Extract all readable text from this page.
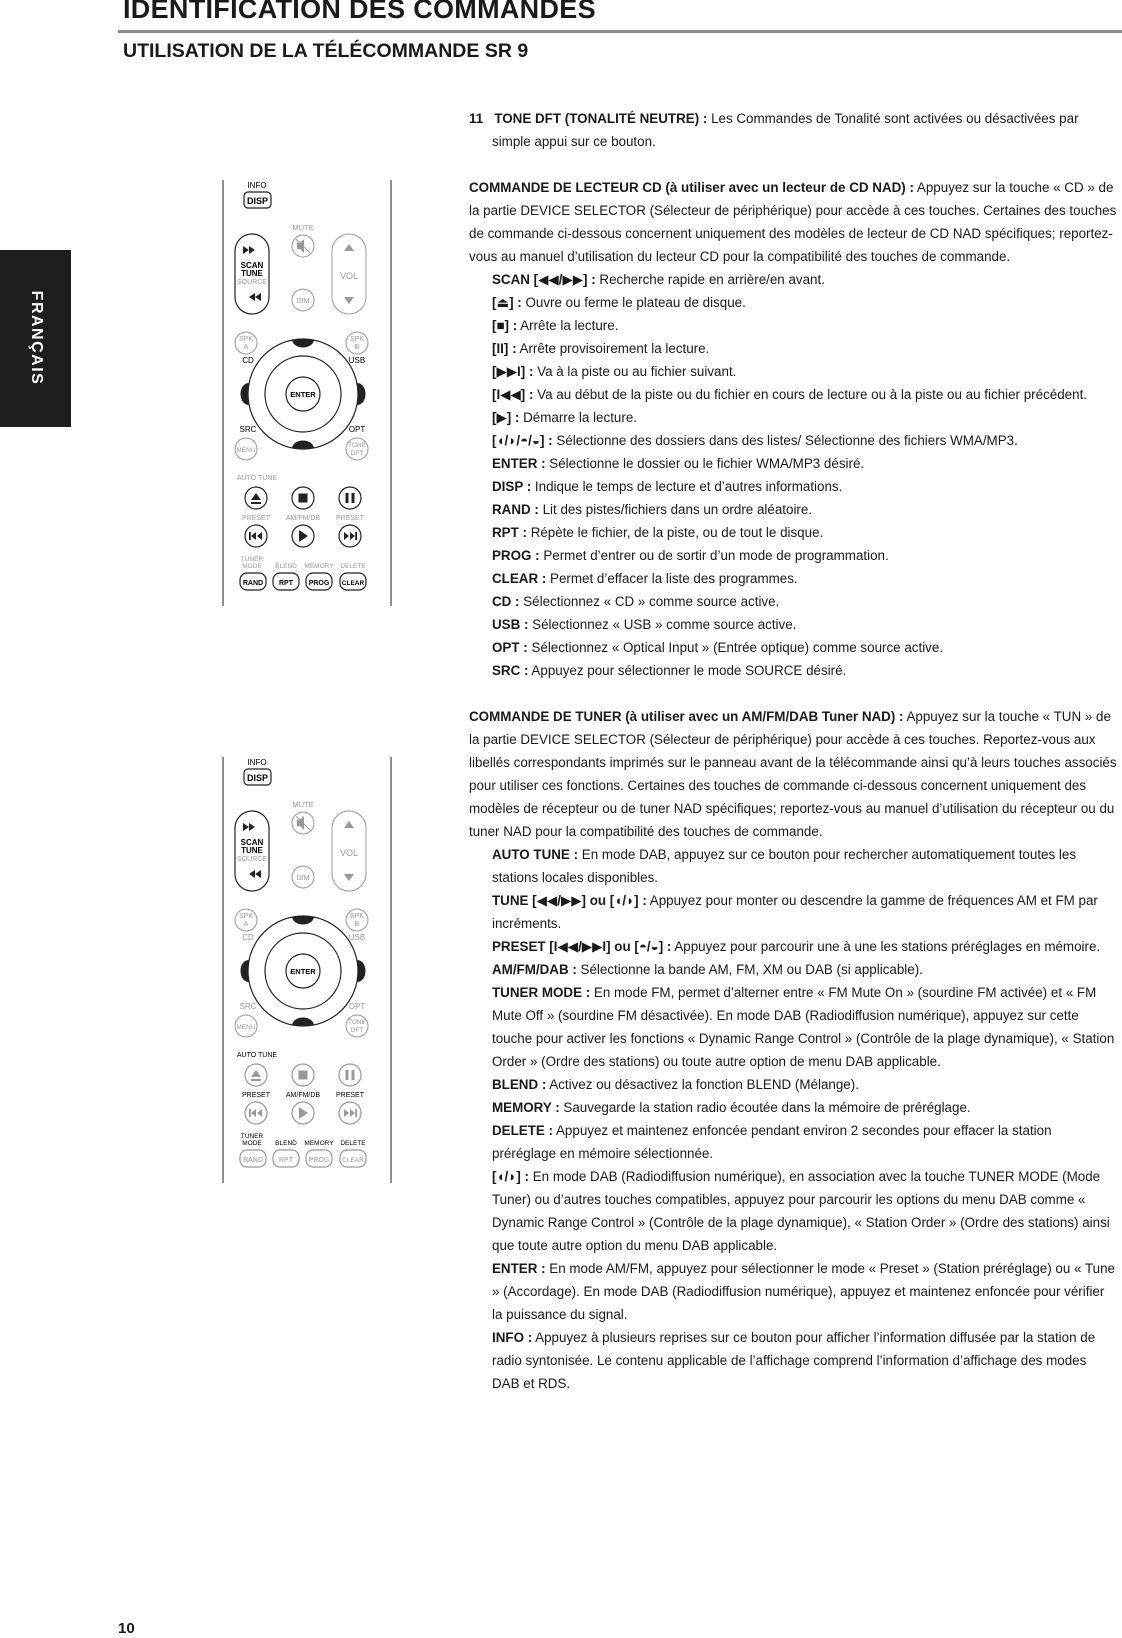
IDENTIFICATION DES COMMANDES
UTILISATION DE LA TÉLÉCOMMANDE SR 9
FRANÇAIS
INFO
DISP
MUTE
SCAN
TUNE
SOURCE
VOL
DIM
SPK
A
SPK
B
CD	USB
ENTER
SRC	OPT
MENU
TONE
DFT
AUTO TUNE
PRESET AM/FM/DB PRESET
TUNER
MODE BLEND MEMORY DELETE
RAND RPT PROG CLEAR
INFO
DISP
MUTE
SCAN
TUNE
SOURCE
VOL
DIM
SPK
A
SPK
B
CD	USB
ENTER
SRC	OPT
MENU
TONE
DFT
AUTO TUNE
PRESET AM/FM/DB PRESET
TUNER
MODE BLEND MEMORY DELETE
RAND RPT PROG CLEAR

11 TONE DFT (TONALITÉ NEUTRE) : Les Commandes de Tonalité sont activées ou désactivées par simple appui sur ce bouton.

COMMANDE DE LECTEUR CD (à utiliser avec un lecteur de CD NAD) : Appuyez sur la touche « CD » de la partie DEVICE SELECTOR (Sélecteur de périphérique) pour accède à ces touches. Certaines des touches de commande ci-dessous concernent uniquement des modèles de lecteur de CD NAD spécifiques; reportez-vous au manuel d’utilisation du lecteur CD pour la compatibilité des touches de commande.

SCAN [◀◀/▶▶] : Recherche rapide en arrière/en avant.

[⏏] : Ouvre ou ferme le plateau de disque.

[■] : Arrête la lecture.

[II] : Arrête provisoirement la lecture.

[▶▶I] : Va à la piste ou au fichier suivant.

[I◀◀] : Va au début de la piste ou du fichier en cours de lecture ou à la piste ou au fichier précédent.

[▶] : Démarre la lecture.

[◖/◗/◓/◒] : Sélectionne des dossiers dans des listes/ Sélectionne des fichiers WMA/MP3.

ENTER : Sélectionne le dossier ou le fichier WMA/MP3 désiré.

DISP : Indique le temps de lecture et d’autres informations.

RAND : Lit des pistes/fichiers dans un ordre aléatoire.

RPT : Répète le fichier, de la piste, ou de tout le disque.

PROG : Permet d’entrer ou de sortir d’un mode de programmation.

CLEAR : Permet d’effacer la liste des programmes.

CD : Sélectionnez « CD » comme source active.

USB : Sélectionnez « USB » comme source active.

OPT : Sélectionnez « Optical Input » (Entrée optique) comme source active.

SRC : Appuyez pour sélectionner le mode SOURCE désiré.

COMMANDE DE TUNER (à utiliser avec un AM/FM/DAB Tuner NAD) : Appuyez sur la touche « TUN » de la partie DEVICE SELECTOR (Sélecteur de périphérique) pour accède à ces touches. Reportez-vous aux libellés correspondants imprimés sur le panneau avant de la télécommande ainsi qu’à leurs touches associés pour utiliser ces fonctions. Certaines des touches de commande ci-dessous concernent uniquement des modèles de récepteur ou de tuner NAD spécifiques; reportez-vous au manuel d’utilisation du récepteur ou du tuner NAD pour la compatibilité des touches de commande.

AUTO TUNE : En mode DAB, appuyez sur ce bouton pour rechercher automatiquement toutes les stations locales disponibles.

TUNE [◀◀/▶▶] ou [◖/◗] : Appuyez pour monter ou descendre la gamme de fréquences AM et FM par incréments.

PRESET [I◀◀/▶▶I] ou [◓/◒] : Appuyez pour parcourir une à une les stations préréglages en mémoire.

AM/FM/DAB : Sélectionne la bande AM, FM, XM ou DAB (si applicable).

TUNER MODE : En mode FM, permet d’alterner entre « FM Mute On » (sourdine FM activée) et « FM Mute Off » (sourdine FM désactivée). En mode DAB (Radiodiffusion numérique), appuyez sur cette touche pour activer les fonctions « Dynamic Range Control » (Contrôle de la plage dynamique), « Station Order » (Ordre des stations) ou toute autre option de menu DAB applicable.

BLEND : Activez ou désactivez la fonction BLEND (Mélange).

MEMORY : Sauvegarde la station radio écoutée dans la mémoire de préréglage.

DELETE : Appuyez et maintenez enfoncée pendant environ 2 secondes pour effacer la station préréglage en mémoire sélectionnée.

[◖/◗] : En mode DAB (Radiodiffusion numérique), en association avec la touche TUNER MODE (Mode Tuner) ou d’autres touches compatibles, appuyez pour parcourir les options du menu DAB comme « Dynamic Range Control » (Contrôle de la plage dynamique), « Station Order » (Ordre des stations) ainsi que toute autre option du menu DAB applicable.

ENTER : En mode AM/FM, appuyez pour sélectionner le mode « Preset » (Station préréglage) ou « Tune » (Accordage). En mode DAB (Radiodiffusion numérique), appuyez et maintenez enfoncée pour vérifier la puissance du signal.

INFO : Appuyez à plusieurs reprises sur ce bouton pour afficher l’information diffusée par la station de radio syntonisée. Le contenu applicable de l’affichage comprend l’information d’affichage des modes DAB et RDS.

10
